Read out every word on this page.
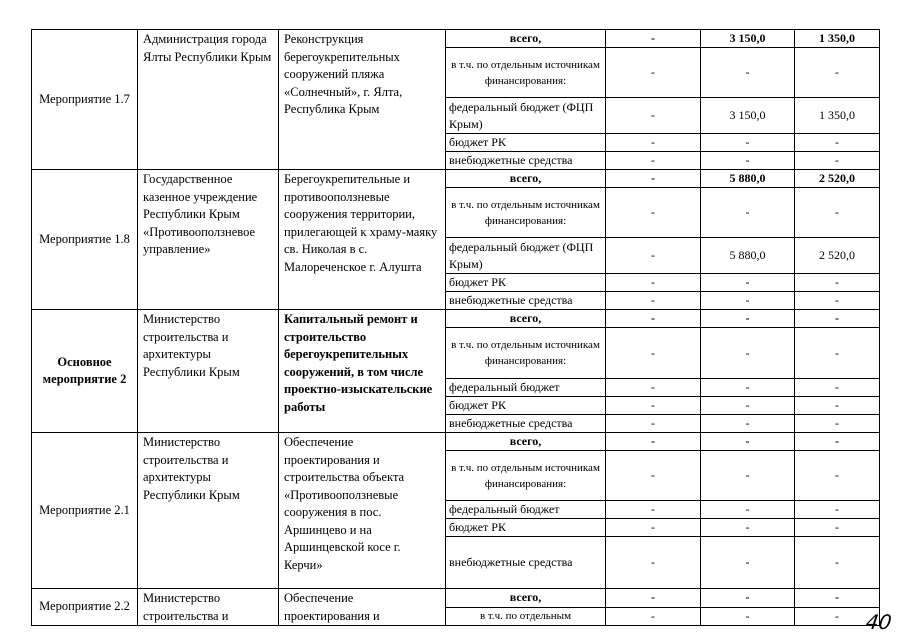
Мероприятие 1.7	Администрация города Ялты Республики Крым	Реконструкция берегоукрепительных сооружений пляжа «Солнечный», г. Ялта, Республика Крым	всего,	-	3 150,0	1 350,0
			в т.ч. по отдельным источникам финансирования:	-	-	-
			федеральный бюджет (ФЦП Крым)	-	3 150,0	1 350,0
			бюджет РК	-	-	-
			внебюджетные средства	-	-	-
Мероприятие 1.8	Государственное казенное учреждение Республики Крым «Противооползневое управление»	Берегоукрепительные и противооползневые сооружения территории, прилегающей к храму-маяку св. Николая в с. Малореченское г. Алушта	всего,	-	5 880,0	2 520,0
			в т.ч. по отдельным источникам финансирования:	-	-	-
			федеральный бюджет (ФЦП Крым)	-	5 880,0	2 520,0
			бюджет РК	-	-	-
			внебюджетные средства	-	-	-
Основное мероприятие 2	Министерство строительства и архитектуры Республики Крым	Капитальный ремонт и строительство берегоукрепительных сооружений, в том числе проектно-изыскательские работы	всего,	-	-	-
			в т.ч. по отдельным источникам финансирования:	-	-	-
			федеральный бюджет	-	-	-
			бюджет РК	-	-	-
			внебюджетные средства	-	-	-
Мероприятие 2.1	Министерство строительства и архитектуры Республики Крым	Обеспечение проектирования и строительства объекта «Противооползневые сооружения в пос. Аршинцево и на Аршинцевской косе г. Керчи»	всего,	-	-	-
			в т.ч. по отдельным источникам финансирования:	-	-	-
			федеральный бюджет	-	-	-
			бюджет РК	-	-	-
			внебюджетные средства	-	-	-
Мероприятие 2.2	Министерство строительства и	Обеспечение проектирования и	всего,	-	-	-
			в т.ч. по отдельным	-	-	- 40
